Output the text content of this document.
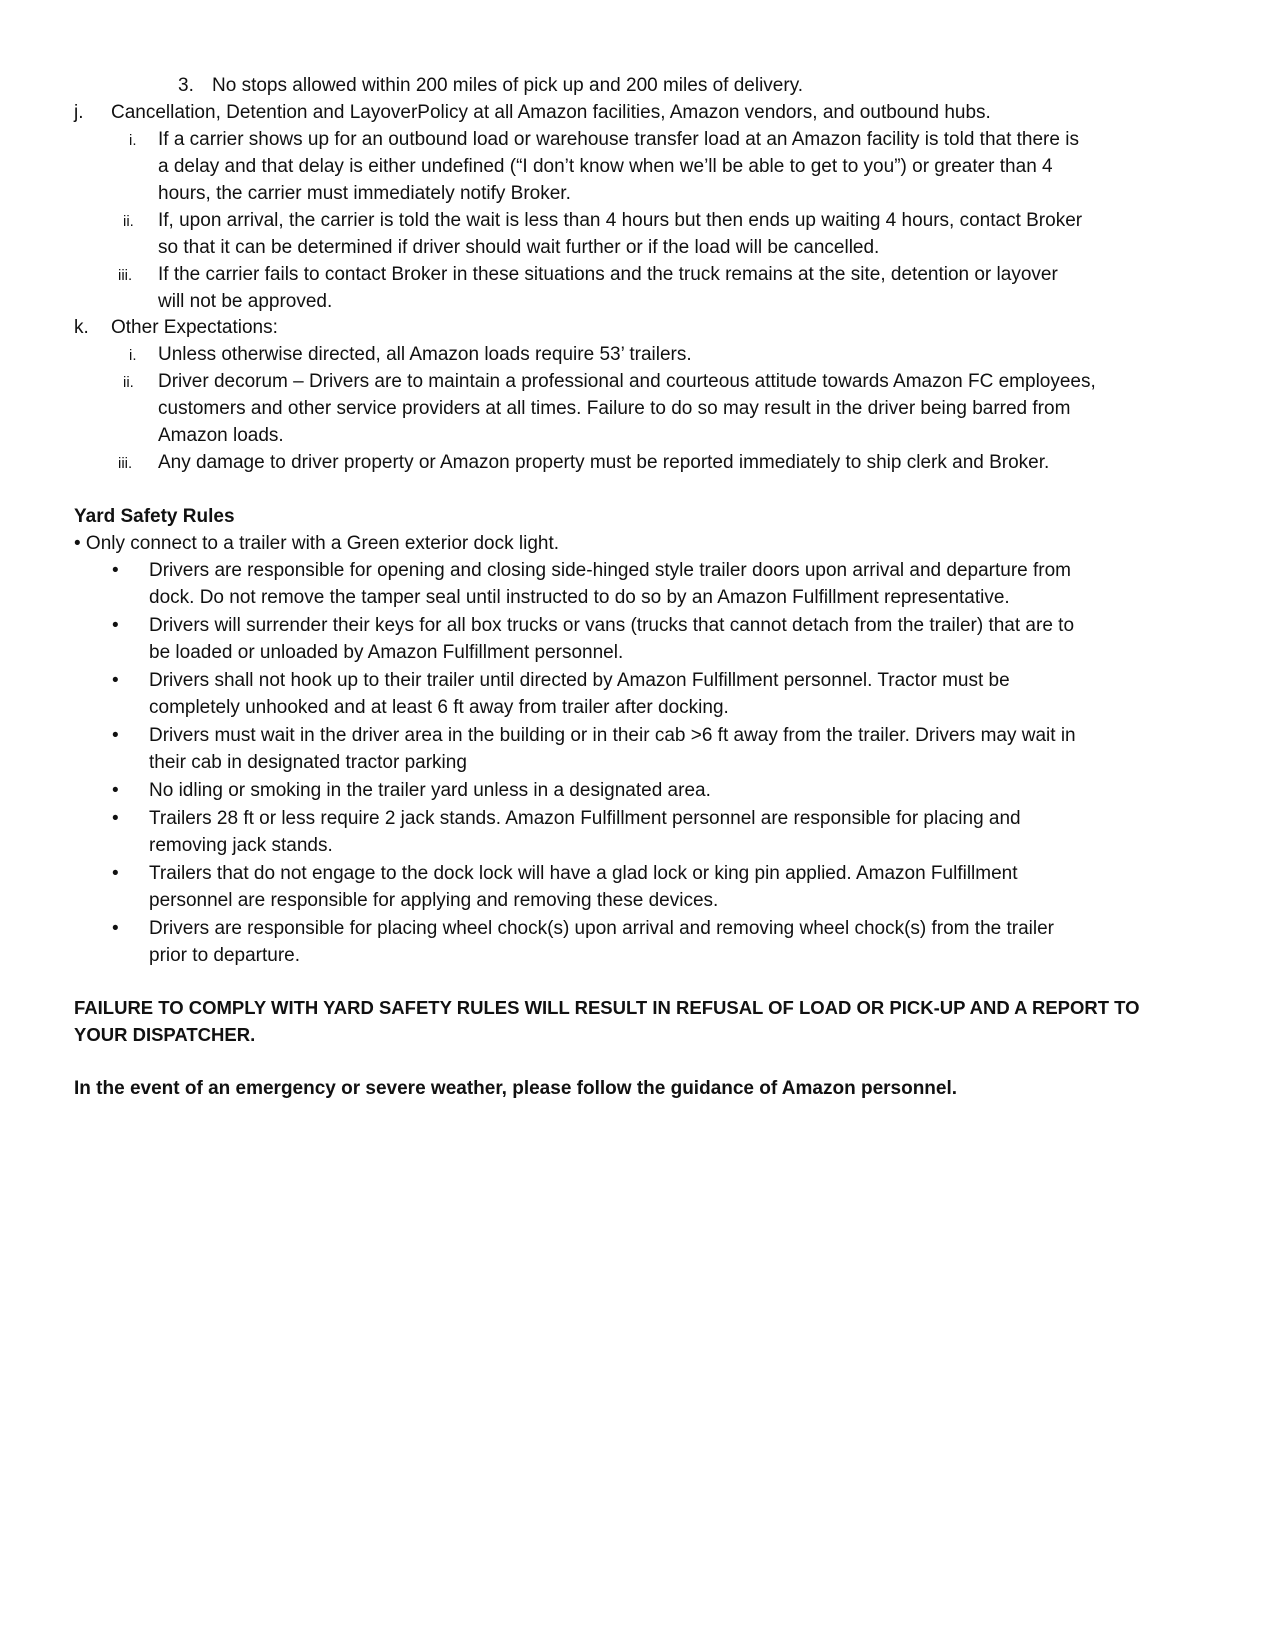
3. No stops allowed within 200 miles of pick up and 200 miles of delivery.
j. Cancellation, Detention and LayoverPolicy at all Amazon facilities, Amazon vendors, and outbound hubs.
i. If a carrier shows up for an outbound load or warehouse transfer load at an Amazon facility is told that there is
a delay and that delay is either undefined (“I don’t know when we’ll be able to get to you”) or greater than 4
hours, the carrier must immediately notify Broker.
ii. If, upon arrival, the carrier is told the wait is less than 4 hours but then ends up waiting 4 hours, contact Broker
so that it can be determined if driver should wait further or if the load will be cancelled.
iii. If the carrier fails to contact Broker in these situations and the truck remains at the site, detention or layover
will not be approved.
k. Other Expectations:
i. Unless otherwise directed, all Amazon loads require 53’ trailers.
ii. Driver decorum – Drivers are to maintain a professional and courteous attitude towards Amazon FC employees,
customers and other service providers at all times. Failure to do so may result in the driver being barred from
Amazon loads.
iii. Any damage to driver property or Amazon property must be reported immediately to ship clerk and Broker.
Yard Safety Rules
• Only connect to a trailer with a Green exterior dock light.
• Drivers are responsible for opening and closing side-hinged style trailer doors upon arrival and departure from
dock. Do not remove the tamper seal until instructed to do so by an Amazon Fulfillment representative.
• Drivers will surrender their keys for all box trucks or vans (trucks that cannot detach from the trailer) that are to
be loaded or unloaded by Amazon Fulfillment personnel.
• Drivers shall not hook up to their trailer until directed by Amazon Fulfillment personnel. Tractor must be
completely unhooked and at least 6 ft away from trailer after docking.
• Drivers must wait in the driver area in the building or in their cab >6 ft away from the trailer. Drivers may wait in
their cab in designated tractor parking
• No idling or smoking in the trailer yard unless in a designated area.
• Trailers 28 ft or less require 2 jack stands. Amazon Fulfillment personnel are responsible for placing and
removing jack stands.
• Trailers that do not engage to the dock lock will have a glad lock or king pin applied. Amazon Fulfillment
personnel are responsible for applying and removing these devices.
• Drivers are responsible for placing wheel chock(s) upon arrival and removing wheel chock(s) from the trailer
prior to departure.
FAILURE TO COMPLY WITH YARD SAFETY RULES WILL RESULT IN REFUSAL OF LOAD OR PICK-UP AND A REPORT TO
YOUR DISPATCHER.
In the event of an emergency or severe weather, please follow the guidance of Amazon personnel.
